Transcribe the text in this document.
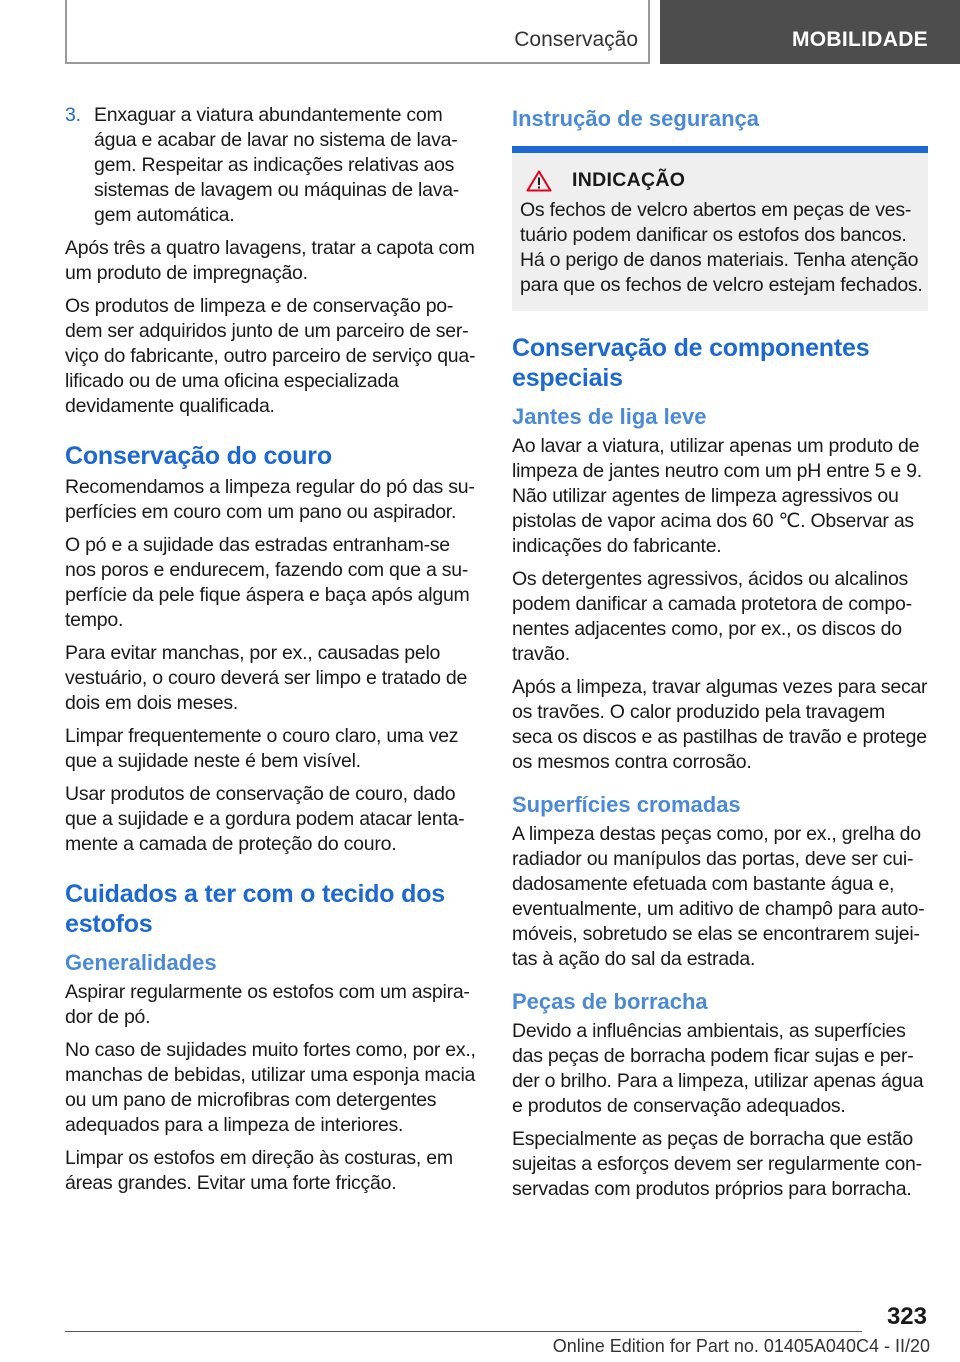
Conservação	MOBILIDADE

3. Enxaguar a viatura abundantemente com água e acabar de lavar no sistema de lavagem. Respeitar as indicações relativas aos sistemas de lavagem ou máquinas de lavagem automática.

Após três a quatro lavagens, tratar a capota com um produto de impregnação.

Os produtos de limpeza e de conservação podem ser adquiridos junto de um parceiro de serviço do fabricante, outro parceiro de serviço qualificado ou de uma oficina especializada devidamente qualificada.

Conservação do couro

Recomendamos a limpeza regular do pó das superfícies em couro com um pano ou aspirador.

O pó e a sujidade das estradas entranham-se nos poros e endurecem, fazendo com que a superfície da pele fique áspera e baça após algum tempo.

Para evitar manchas, por ex., causadas pelo vestuário, o couro deverá ser limpo e tratado de dois em dois meses.

Limpar frequentemente o couro claro, uma vez que a sujidade neste é bem visível.

Usar produtos de conservação de couro, dado que a sujidade e a gordura podem atacar lentamente a camada de proteção do couro.

Cuidados a ter com o tecido dos estofos
Generalidades

Aspirar regularmente os estofos com um aspirador de pó.

No caso de sujidades muito fortes como, por ex., manchas de bebidas, utilizar uma esponja macia ou um pano de microfibras com detergentes adequados para a limpeza de interiores.

Limpar os estofos em direção às costuras, em áreas grandes. Evitar uma forte fricção.

Instrução de segurança
INDICAÇÃO

Os fechos de velcro abertos em peças de vestuário podem danificar os estofos dos bancos. Há o perigo de danos materiais. Tenha atenção para que os fechos de velcro estejam fechados.

Conservação de componentes especiais
Jantes de liga leve

Ao lavar a viatura, utilizar apenas um produto de limpeza de jantes neutro com um pH entre 5 e 9. Não utilizar agentes de limpeza agressivos ou pistolas de vapor acima dos 60 ℃. Observar as indicações do fabricante.

Os detergentes agressivos, ácidos ou alcalinos podem danificar a camada protetora de componentes adjacentes como, por ex., os discos do travão.

Após a limpeza, travar algumas vezes para secar os travões. O calor produzido pela travagem seca os discos e as pastilhas de travão e protege os mesmos contra corrosão.

Superfícies cromadas

A limpeza destas peças como, por ex., grelha do radiador ou manípulos das portas, deve ser cuidadosamente efetuada com bastante água e, eventualmente, um aditivo de champô para automóveis, sobretudo se elas se encontrarem sujeitas à ação do sal da estrada.

Peças de borracha

Devido a influências ambientais, as superfícies das peças de borracha podem ficar sujas e perder o brilho. Para a limpeza, utilizar apenas água e produtos de conservação adequados.

Especialmente as peças de borracha que estão sujeitas a esforços devem ser regularmente conservadas com produtos próprios para borracha.

323
Online Edition for Part no. 01405A040C4 - II/20
